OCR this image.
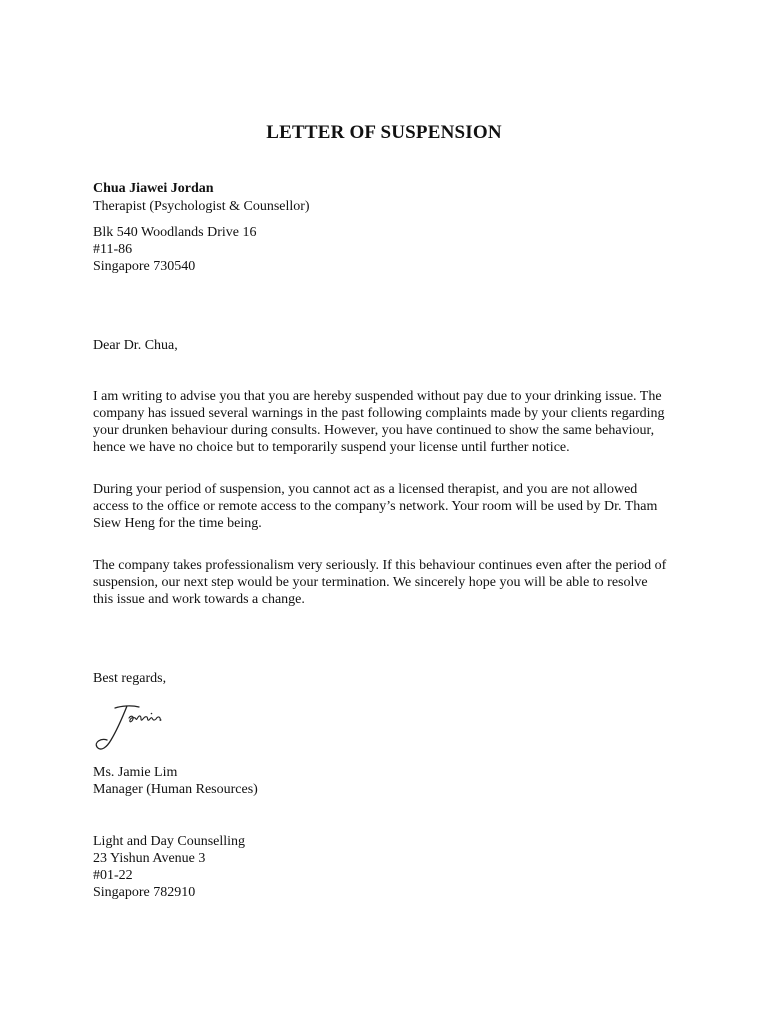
LETTER OF SUSPENSION
Chua Jiawei Jordan
Therapist (Psychologist & Counsellor)
Blk 540 Woodlands Drive 16
#11-86
Singapore 730540
Dear Dr. Chua,
I am writing to advise you that you are hereby suspended without pay due to your drinking issue. The
company has issued several warnings in the past following complaints made by your clients regarding
your drunken behaviour during consults. However, you have continued to show the same behaviour,
hence we have no choice but to temporarily suspend your license until further notice.
During your period of suspension, you cannot act as a licensed therapist, and you are not allowed
access to the office or remote access to the company’s network. Your room will be used by Dr. Tham
Siew Heng for the time being.
The company takes professionalism very seriously. If this behaviour continues even after the period of
suspension, our next step would be your termination. We sincerely hope you will be able to resolve
this issue and work towards a change.
Best regards,
Ms. Jamie Lim
Manager (Human Resources)
Light and Day Counselling
23 Yishun Avenue 3
#01-22
Singapore 782910
